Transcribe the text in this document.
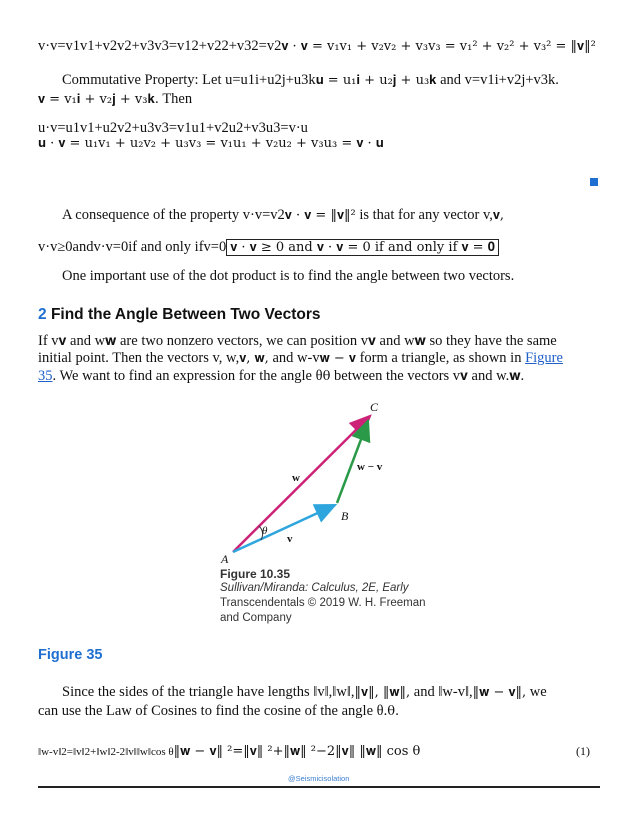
v·v=v1v1+v2v2+v3v3=v12+v22+v32=v2𝐯 · 𝐯 = v₁v₁ + v₂v₂ + v₃v₃ = v₁² + v₂² + v₃² = ‖𝐯‖²
Commutative Property: Let u=u1i+u2j+u3k𝐮 = u₁𝐢 + u₂𝐣 + u₃𝐤 and v=v1i+v2j+v3k.
𝐯 = v₁𝐢 + v₂𝐣 + v₃𝐤. Then
u·v=u1v1+u2v2+u3v3=v1u1+v2u2+v3u3=v·u
𝐮 · 𝐯 = u₁v₁ + u₂v₂ + u₃v₃ = v₁u₁ + v₂u₂ + v₃u₃ = 𝐯 · 𝐮
A consequence of the property v·v=v2𝐯 · 𝐯 = ‖𝐯‖² is that for any vector v,𝐯,
v·v≥0andv·v=0if and only ifv=0 𝐯 · 𝐯 ≥ 0 and 𝐯 · 𝐯 = 0 if and only if 𝐯 = 𝟎
One important use of the dot product is to find the angle between two vectors.
2 Find the Angle Between Two Vectors
If v𝐯 and w𝐰 are two nonzero vectors, we can position v𝐯 and w𝐰 so they have the same
initial point. Then the vectors v, w,𝐯, 𝐰, and w-v𝐰 − 𝐯 form a triangle, as shown in Figure
35. We want to find an expression for the angle θθ between the vectors v𝐯 and w.𝐰.
A
B
C
w
v
w − v
θ
Figure 10.35
Sullivan/Miranda: Calculus, 2E, Early
Transcendentals © 2019 W. H. Freeman
and Company
Figure 35
Since the sides of the triangle have lengths ‖v‖,‖w‖,‖𝐯‖, ‖𝐰‖, and ‖w-v‖,‖𝐰 − 𝐯‖, we
can use the Law of Cosines to find the cosine of the angle θ.θ.
‖w-v‖2=‖v‖2+‖w‖2-2‖v‖‖w‖cos θ‖𝐰 − 𝐯‖ ²=‖𝐯‖ ²+‖𝐰‖ ²−2‖𝐯‖ ‖𝐰‖ cos θ	(1)
@Seismicisolation
